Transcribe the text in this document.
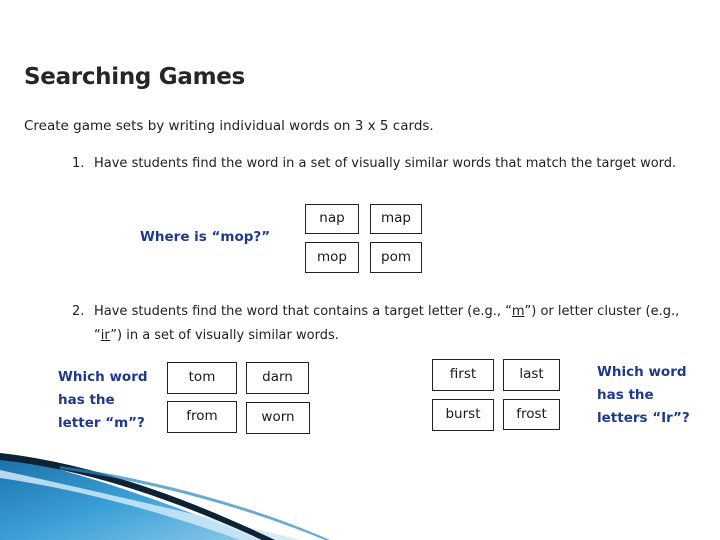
Searching Games
Create game sets by writing individual words on 3 x 5 cards.
1. Have students find the word in a set of visually similar words that match the target word.
Where is “mop?”
nap	map
mop	pom
2. Have students find the word that contains a target letter (e.g., “m”) or letter cluster (e.g.,
“ir”) in a set of visually similar words.
Which word
has the
letter “m”?
tom	darn
from	worn
first	last
burst	frost
Which word
has the
letters “Ir”?
